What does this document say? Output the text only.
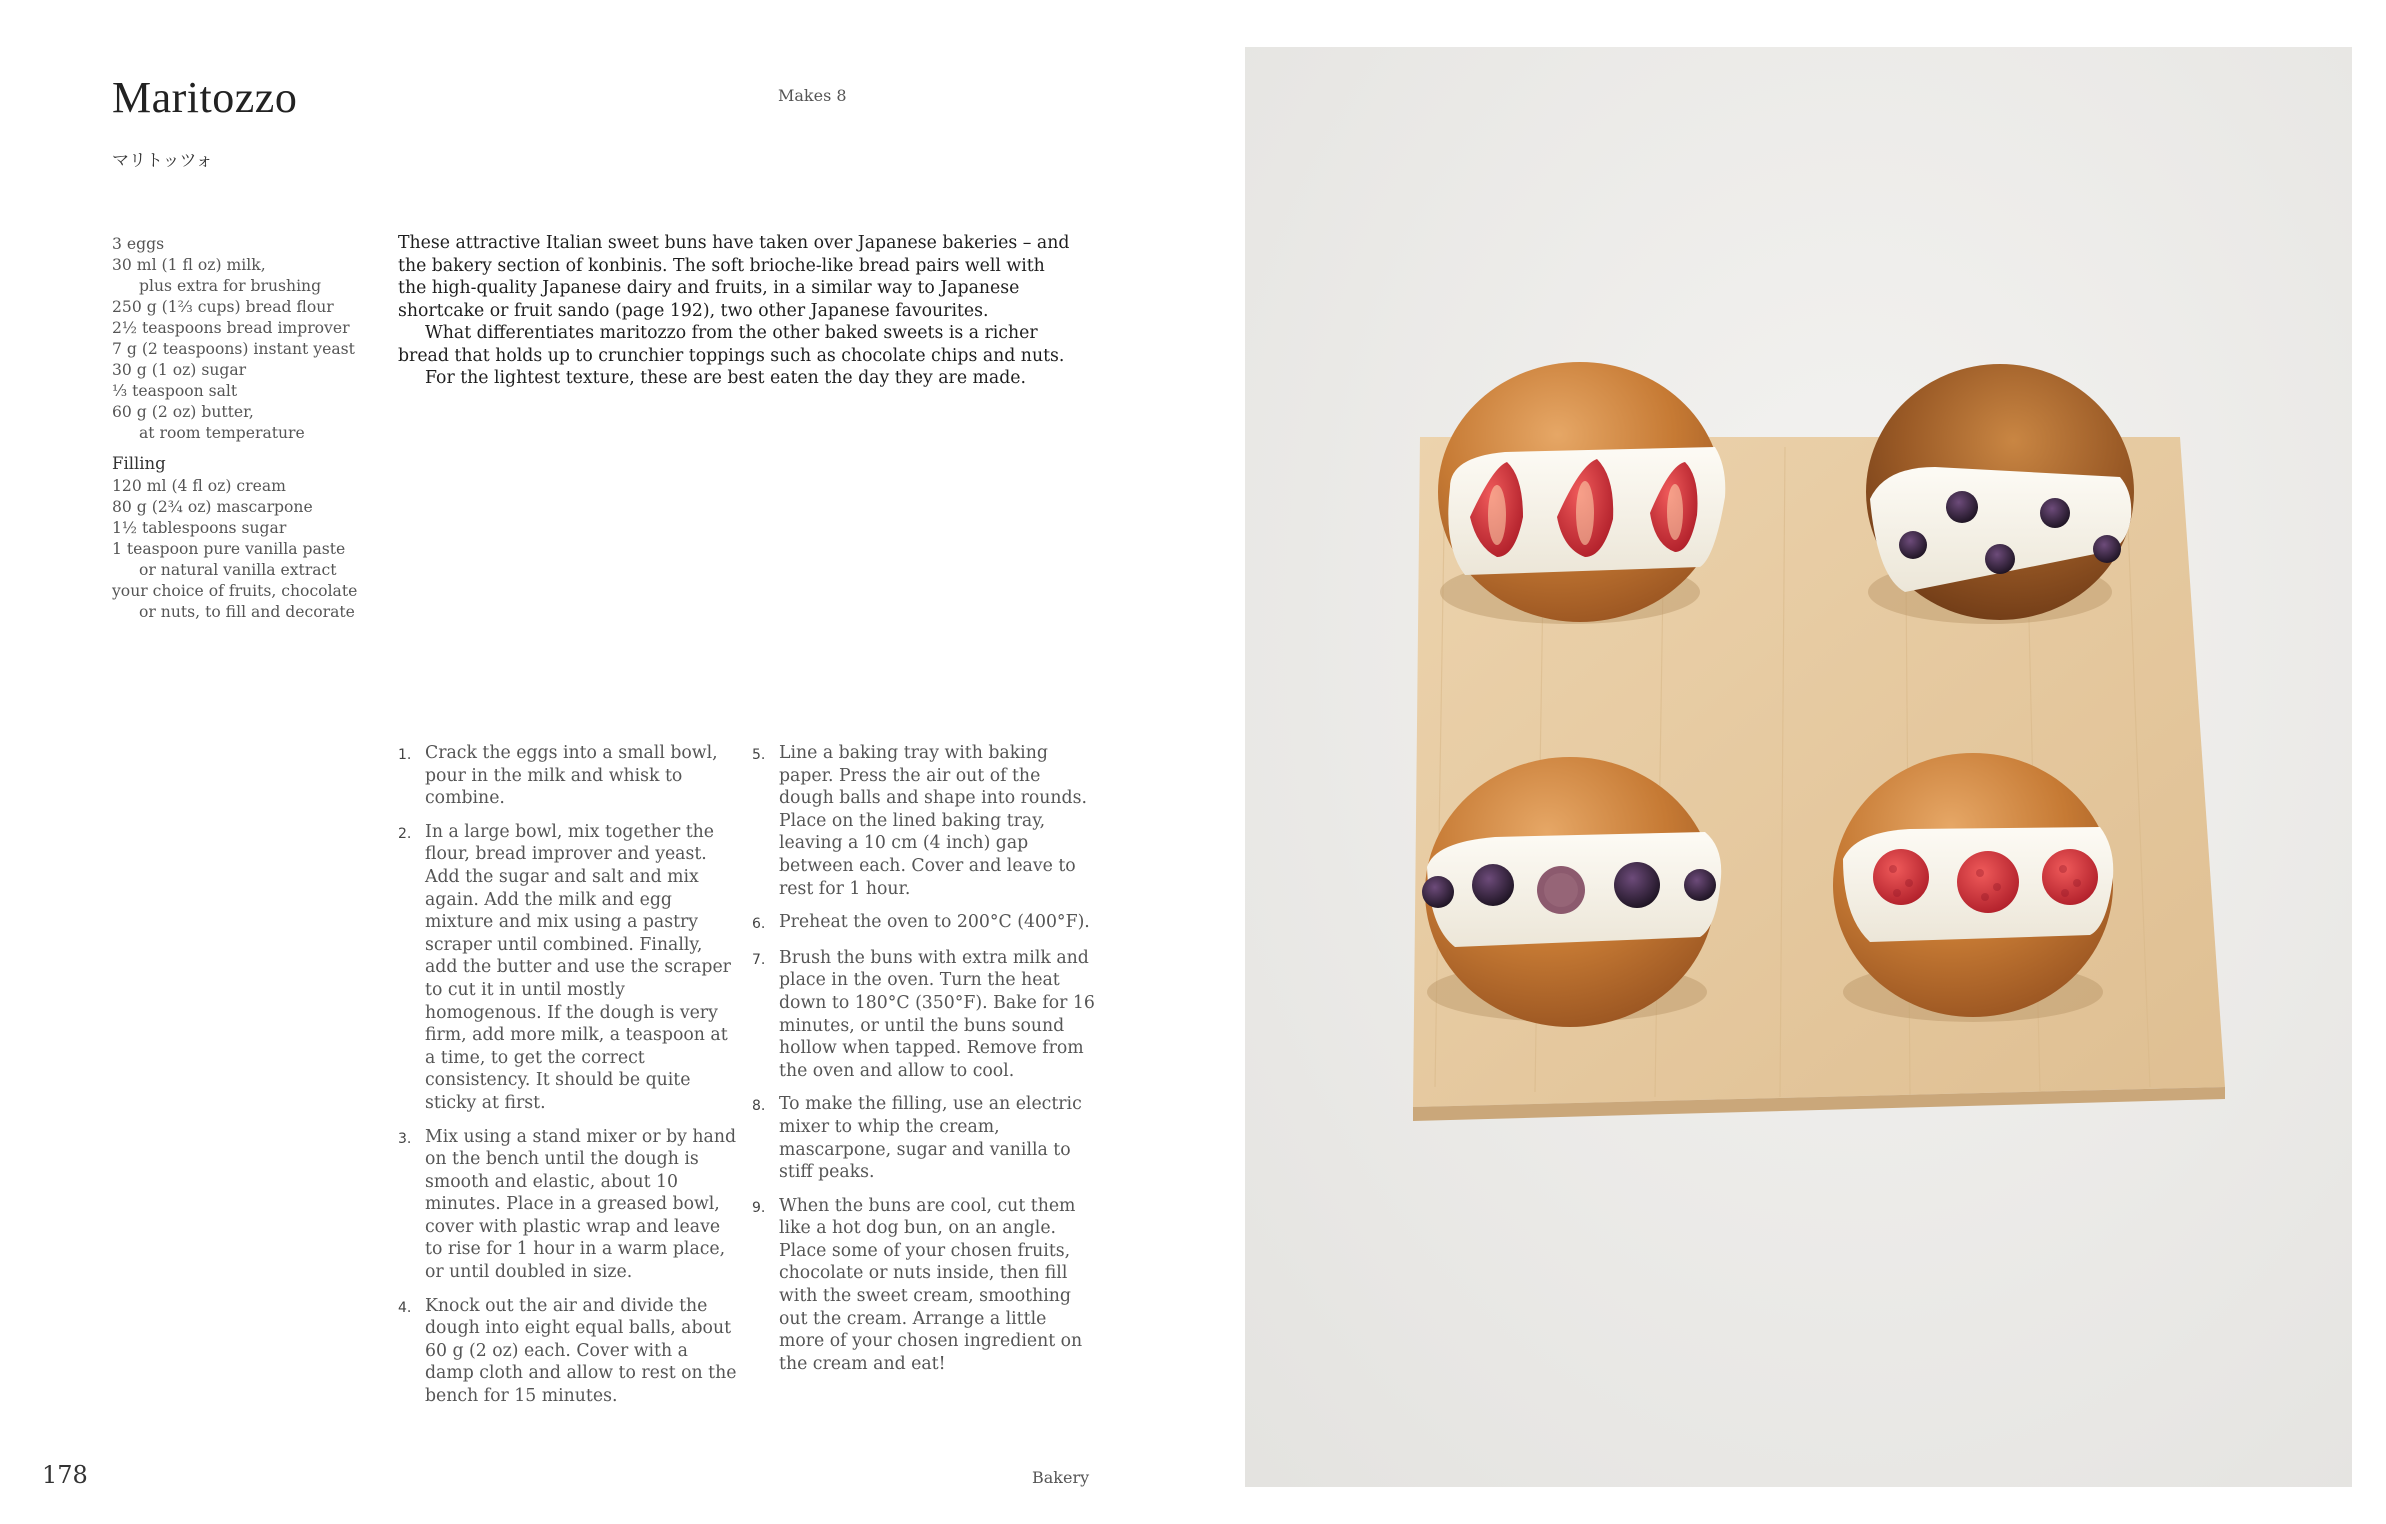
Maritozzo
マリトッツォ
Makes 8
3 eggs
30 ml (1 fl oz) milk,
plus extra for brushing
250 g (1⅔ cups) bread flour
2½ teaspoons bread improver
7 g (2 teaspoons) instant yeast
30 g (1 oz) sugar
⅓ teaspoon salt
60 g (2 oz) butter,
at room temperature
Filling
120 ml (4 fl oz) cream
80 g (2¾ oz) mascarpone
1½ tablespoons sugar
1 teaspoon pure vanilla paste
or natural vanilla extract
your choice of fruits, chocolate
or nuts, to fill and decorate

These attractive Italian sweet buns have taken over Japanese bakeries – and the bakery section of konbinis. The soft brioche-like bread pairs well with the high-quality Japanese dairy and fruits, in a similar way to Japanese shortcake or fruit sando (page 192), two other Japanese favourites.

What differentiates maritozzo from the other baked sweets is a richer bread that holds up to crunchier toppings such as chocolate chips and nuts.

For the lightest texture, these are best eaten the day they are made.

1. Crack the eggs into a small bowl, pour in the milk and whisk to combine.
2. In a large bowl, mix together the flour, bread improver and yeast. Add the sugar and salt and mix again. Add the milk and egg mixture and mix using a pastry scraper until combined. Finally, add the butter and use the scraper to cut it in until mostly homogenous. If the dough is very firm, add more milk, a teaspoon at a time, to get the correct consistency. It should be quite sticky at first.
3. Mix using a stand mixer or by hand on the bench until the dough is smooth and elastic, about 10 minutes. Place in a greased bowl, cover with plastic wrap and leave to rise for 1 hour in a warm place, or until doubled in size.
4. Knock out the air and divide the dough into eight equal balls, about 60 g (2 oz) each. Cover with a damp cloth and allow to rest on the bench for 15 minutes.
5. Line a baking tray with baking paper. Press the air out of the dough balls and shape into rounds. Place on the lined baking tray, leaving a 10 cm (4 inch) gap between each. Cover and leave to rest for 1 hour.
6. Preheat the oven to 200°C (400°F).
7. Brush the buns with extra milk and place in the oven. Turn the heat down to 180°C (350°F). Bake for 16 minutes, or until the buns sound hollow when tapped. Remove from the oven and allow to cool.
8. To make the filling, use an electric mixer to whip the cream, mascarpone, sugar and vanilla to stiff peaks.
9. When the buns are cool, cut them like a hot dog bun, on an angle. Place some of your chosen fruits, chocolate or nuts inside, then fill with the sweet cream, smoothing out the cream. Arrange a little more of your chosen ingredient on the cream and eat!
178	Bakery
